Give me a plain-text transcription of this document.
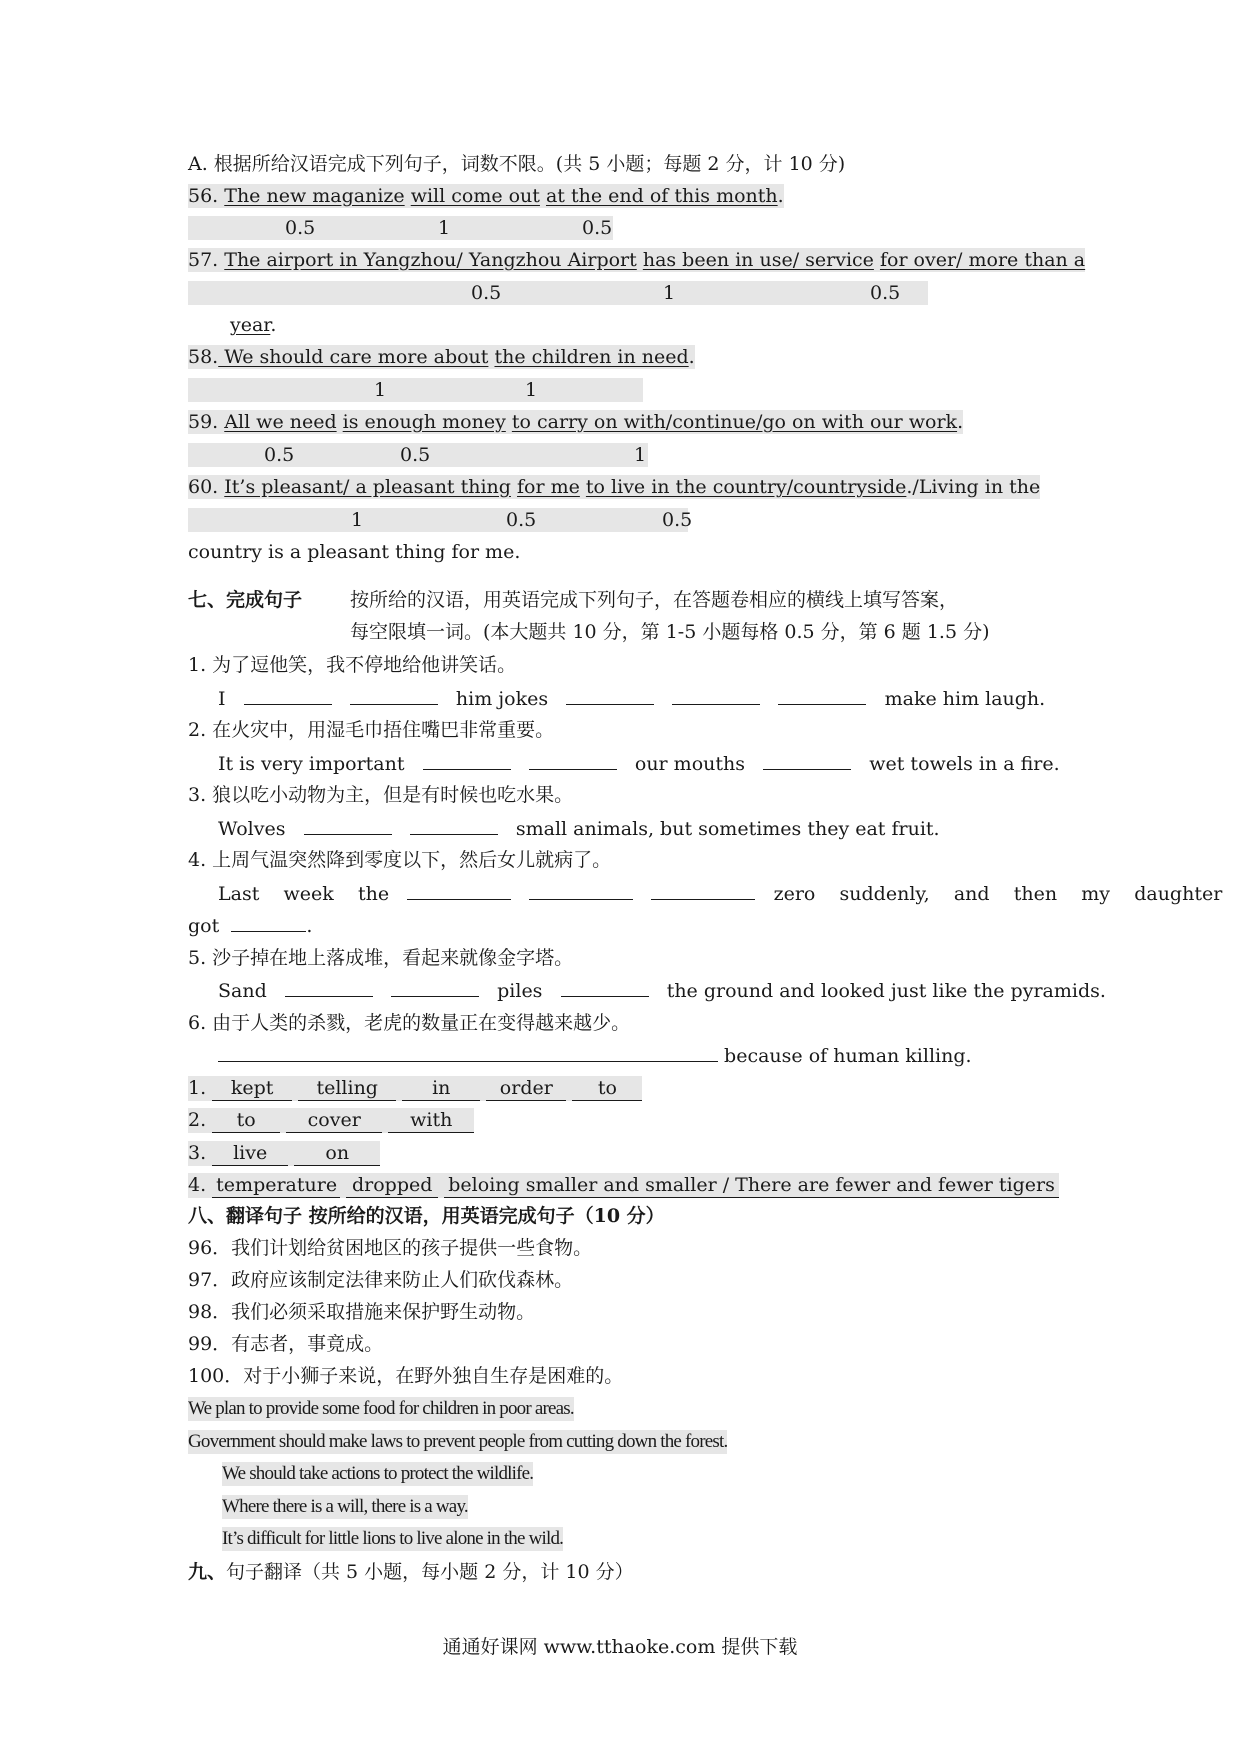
A. 根据所给汉语完成下列句子，词数不限。(共 5 小题；每题 2 分，计 10 分)
56. The new maganize will come out at the end of this month.
0.5	1	0.5
57. The airport in Yangzhou/ Yangzhou Airport has been in use/ service for over/ more than a
0.5	1	0.5
year.
58. We should care more about the children in need.
1	1
59. All we need is enough money to carry on with/continue/go on with our work.
0.5	0.5	1
60. It’s pleasant/ a pleasant thing for me to live in the country/countryside./Living in the
1	0.5	0.5
country is a pleasant thing for me.
七、完成句子	按所给的汉语，用英语完成下列句子，在答题卷相应的横线上填写答案，
每空限填一词。(本大题共 10 分，第 1-5 小题每格 0.5 分，第 6 题 1.5 分)
1. 为了逗他笑，我不停地给他讲笑话。
I	him jokes	make him laugh.
2. 在火灾中，用湿毛巾捂住嘴巴非常重要。
It is very important	our mouths	wet towels in a fire.
3. 狼以吃小动物为主，但是有时候也吃水果。
Wolves	small animals, but sometimes they eat fruit.
4. 上周气温突然降到零度以下，然后女儿就病了。
Last week the	zero suddenly, and then my daughter
got	.
5. 沙子掉在地上落成堆，看起来就像金字塔。
Sand	piles	the ground and looked just like the pyramids.
6. 由于人类的杀戮，老虎的数量正在变得越来越少。
because of human killing.
1. kept telling	in	order to
2. to	cover	with
3. live	on
4. temperature dropped beloing smaller and smaller / There are fewer and fewer tigers
八、翻译句子 按所给的汉语，用英语完成句子（10 分）
96．我们计划给贫困地区的孩子提供一些食物。
97．政府应该制定法律来防止人们砍伐森林。
98．我们必须采取措施来保护野生动物。
99．有志者，事竟成。
100．对于小狮子来说，在野外独自生存是困难的。
We plan to provide some food for children in poor areas.
Government should make laws to prevent people from cutting down the forest.
We should take actions to protect the wildlife.
Where there is a will, there is a way.
It’s difficult for little lions to live alone in the wild.
九、句子翻译（共 5 小题，每小题 2 分，计 10 分）
通通好课网 www.tthaoke.com 提供下载
